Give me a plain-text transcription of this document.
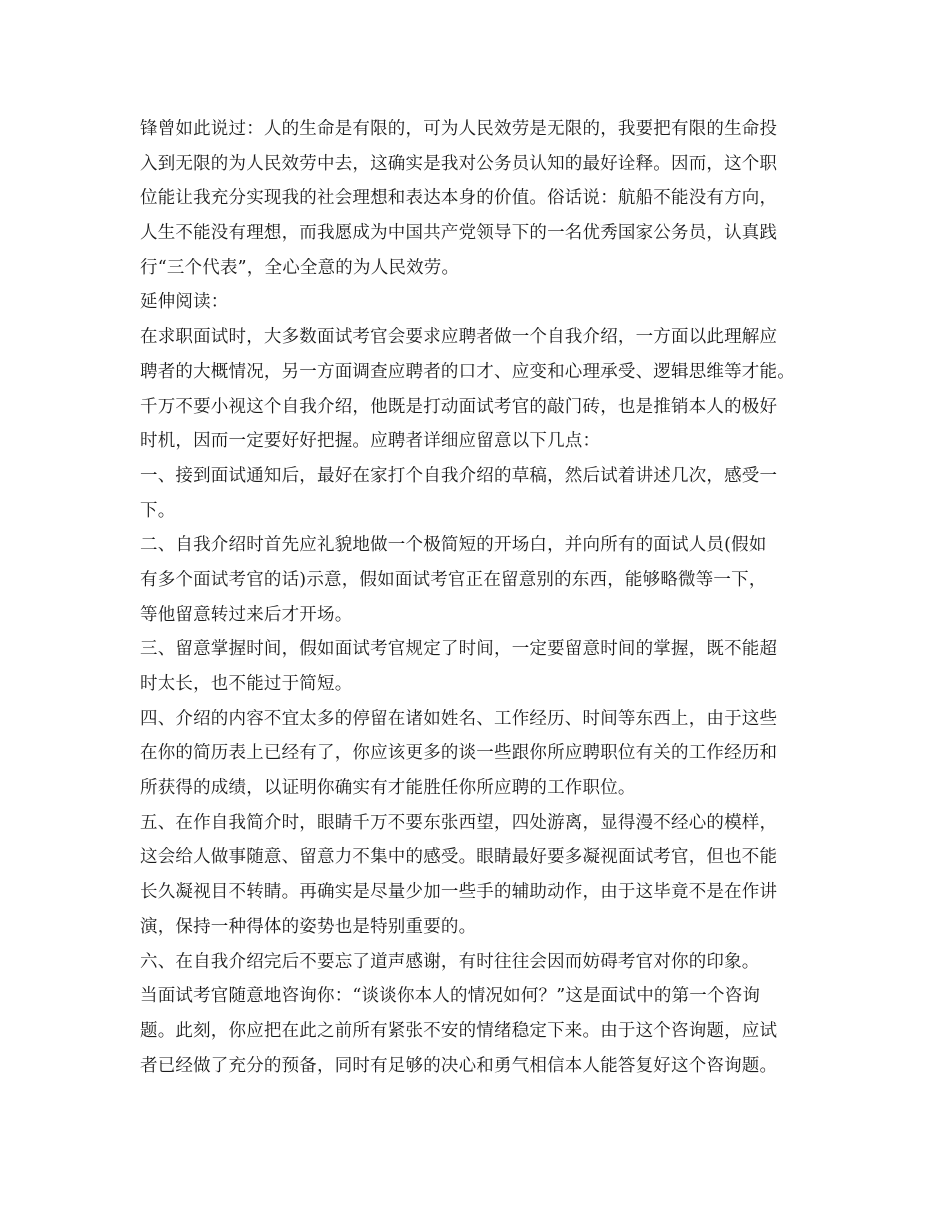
锋曾如此说过：人的生命是有限的，可为人民效劳是无限的，我要把有限的生命投
入到无限的为人民效劳中去，这确实是我对公务员认知的最好诠释。因而，这个职
位能让我充分实现我的社会理想和表达本身的价值。俗话说：航船不能没有方向，
人生不能没有理想，而我愿成为中国共产党领导下的一名优秀国家公务员，认真践
行“三个代表”，全心全意的为人民效劳。
延伸阅读：
在求职面试时，大多数面试考官会要求应聘者做一个自我介绍，一方面以此理解应
聘者的大概情况，另一方面调查应聘者的口才、应变和心理承受、逻辑思维等才能。
千万不要小视这个自我介绍，他既是打动面试考官的敲门砖，也是推销本人的极好
时机，因而一定要好好把握。应聘者详细应留意以下几点：
一、接到面试通知后，最好在家打个自我介绍的草稿，然后试着讲述几次，感受一
下。
二、自我介绍时首先应礼貌地做一个极简短的开场白，并向所有的面试人员(假如
有多个面试考官的话)示意，假如面试考官正在留意别的东西，能够略微等一下，
等他留意转过来后才开场。
三、留意掌握时间，假如面试考官规定了时间，一定要留意时间的掌握，既不能超
时太长，也不能过于简短。
四、介绍的内容不宜太多的停留在诸如姓名、工作经历、时间等东西上，由于这些
在你的简历表上已经有了，你应该更多的谈一些跟你所应聘职位有关的工作经历和
所获得的成绩，以证明你确实有才能胜任你所应聘的工作职位。
五、在作自我简介时，眼睛千万不要东张西望，四处游离，显得漫不经心的模样，
这会给人做事随意、留意力不集中的感受。眼睛最好要多凝视面试考官，但也不能
长久凝视目不转睛。再确实是尽量少加一些手的辅助动作，由于这毕竟不是在作讲
演，保持一种得体的姿势也是特别重要的。
六、在自我介绍完后不要忘了道声感谢，有时往往会因而妨碍考官对你的印象。
当面试考官随意地咨询你：“谈谈你本人的情况如何？”这是面试中的第一个咨询
题。此刻，你应把在此之前所有紧张不安的情绪稳定下来。由于这个咨询题，应试
者已经做了充分的预备，同时有足够的决心和勇气相信本人能答复好这个咨询题。
